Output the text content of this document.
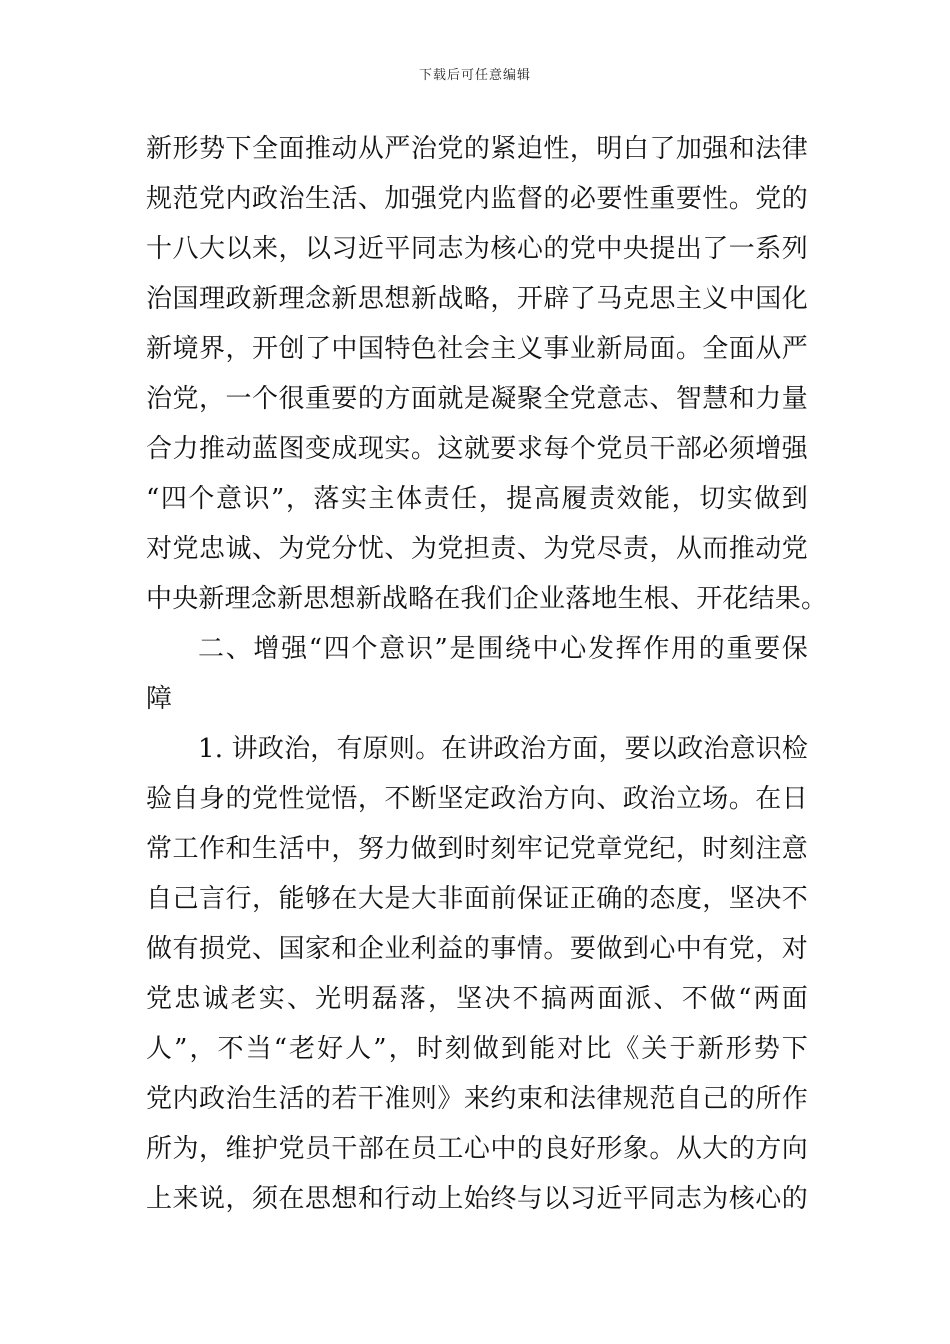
下载后可任意编辑
新形势下全面推动从严治党的紧迫性，明白了加强和法律
规范党内政治生活、加强党内监督的必要性重要性。党的
十八大以来，以习近平同志为核心的党中央提出了一系列
治国理政新理念新思想新战略，开辟了马克思主义中国化
新境界，开创了中国特色社会主义事业新局面。全面从严
治党，一个很重要的方面就是凝聚全党意志、智慧和力量
合力推动蓝图变成现实。这就要求每个党员干部必须增强
“四个意识”，落实主体责任，提高履责效能，切实做到
对党忠诚、为党分忧、为党担责、为党尽责，从而推动党
中央新理念新思想新战略在我们企业落地生根、开花结果。
二、增强“四个意识”是围绕中心发挥作用的重要保
障
1. 讲政治，有原则。在讲政治方面，要以政治意识检
验自身的党性觉悟，不断坚定政治方向、政治立场。在日
常工作和生活中，努力做到时刻牢记党章党纪，时刻注意
自己言行，能够在大是大非面前保证正确的态度，坚决不
做有损党、国家和企业利益的事情。要做到心中有党，对
党忠诚老实、光明磊落，坚决不搞两面派、不做“两面
人”，不当“老好人”，时刻做到能对比《关于新形势下
党内政治生活的若干准则》来约束和法律规范自己的所作
所为，维护党员干部在员工心中的良好形象。从大的方向
上来说，须在思想和行动上始终与以习近平同志为核心的
